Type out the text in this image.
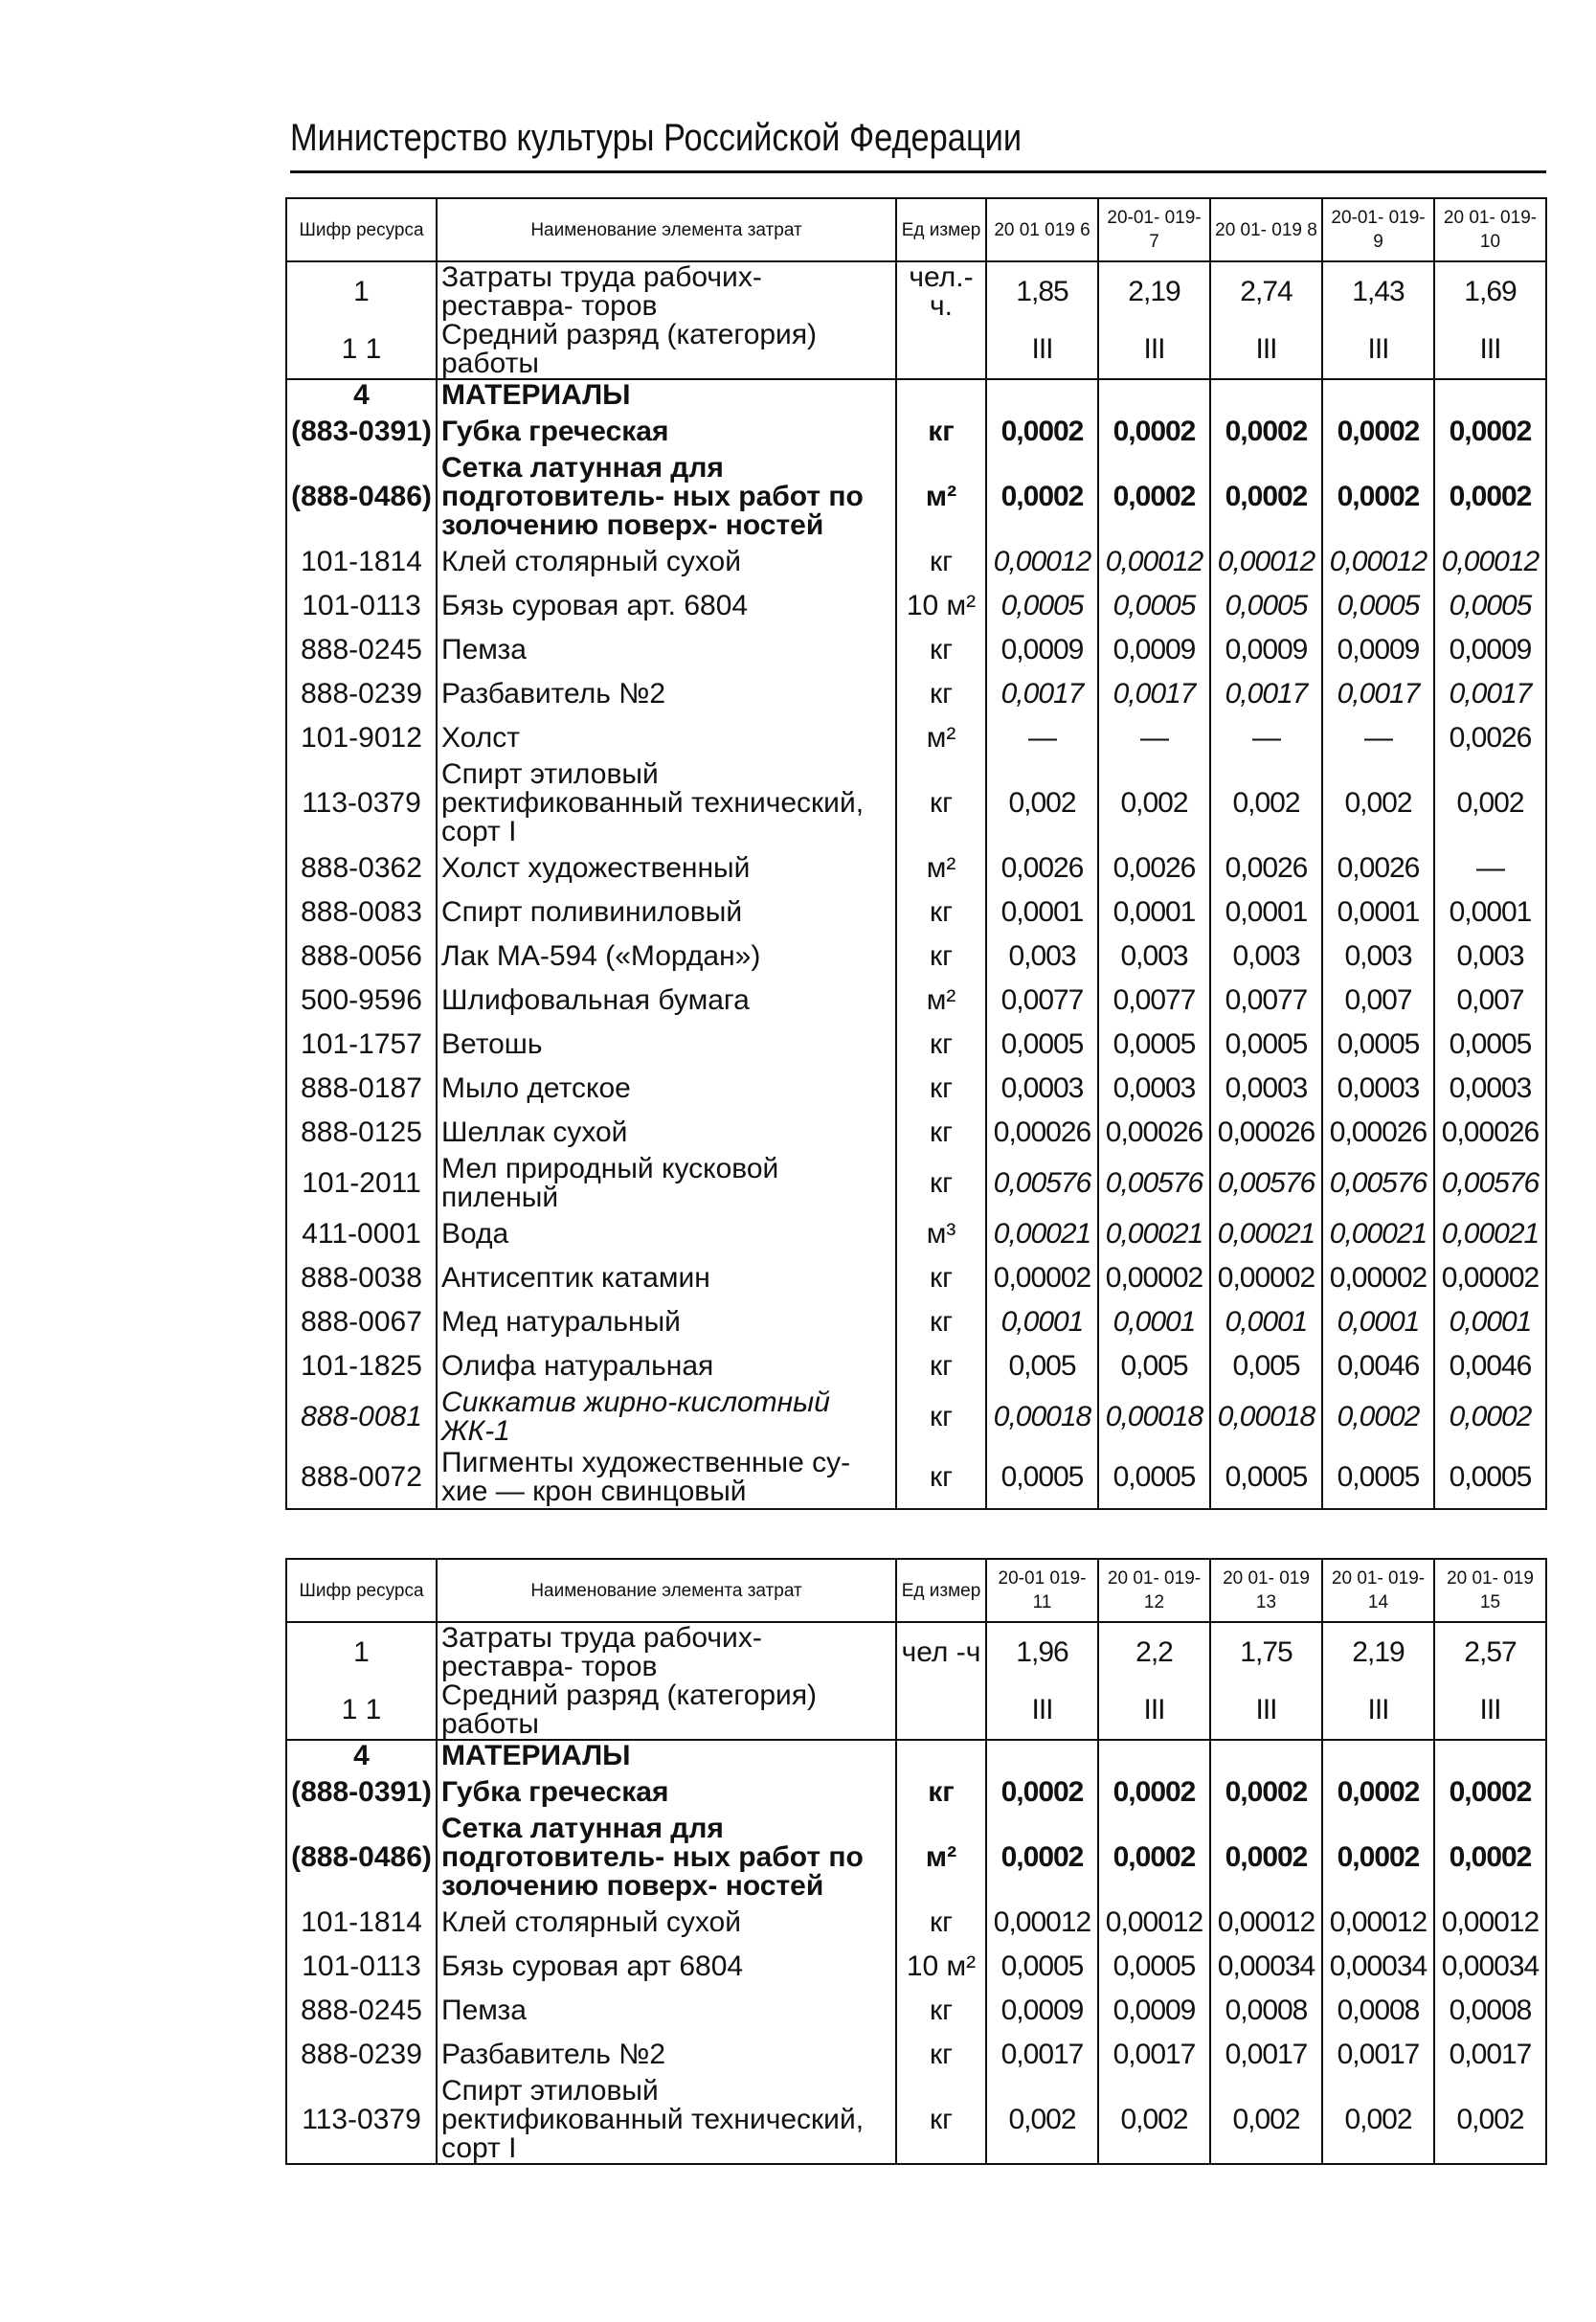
Министерство культуры Российской Федерации
Шифр ресурса	Наименование элемента затрат	Ед измер	20 01 019 6	20-01- 019-7	20 01- 019 8	20-01- 019-9	20 01- 019-10
1	Затраты труда рабочих-реставра- торов	чел.-ч.	1,85	2,19	2,74	1,43	1,69
1 1	Средний разряд (категория) работы		III	III	III	III	III
4	МАТЕРИАЛЫ						
(883-0391)	Губка греческая	кг	0,0002	0,0002	0,0002	0,0002	0,0002
(888-0486)	Сетка латунная для подготовитель- ных работ по золочению поверх- ностей	м²	0,0002	0,0002	0,0002	0,0002	0,0002
101-1814	Клей столярный сухой	кг	0,00012	0,00012	0,00012	0,00012	0,00012
101-0113	Бязь суровая арт. 6804	10 м²	0,0005	0,0005	0,0005	0,0005	0,0005
888-0245	Пемза	кг	0,0009	0,0009	0,0009	0,0009	0,0009
888-0239	Разбавитель №2	кг	0,0017	0,0017	0,0017	0,0017	0,0017
101-9012	Холст	м²	—	—	—	—	0,0026
113-0379	Спирт этиловый ректификованный технический, сорт I	кг	0,002	0,002	0,002	0,002	0,002
888-0362	Холст художественный	м²	0,0026	0,0026	0,0026	0,0026	—
888-0083	Спирт поливиниловый	кг	0,0001	0,0001	0,0001	0,0001	0,0001
888-0056	Лак МА-594 («Мордан»)	кг	0,003	0,003	0,003	0,003	0,003
500-9596	Шлифовальная бумага	м²	0,0077	0,0077	0,0077	0,007	0,007
101-1757	Ветошь	кг	0,0005	0,0005	0,0005	0,0005	0,0005
888-0187	Мыло детское	кг	0,0003	0,0003	0,0003	0,0003	0,0003
888-0125	Шеллак сухой	кг	0,00026	0,00026	0,00026	0,00026	0,00026
101-2011	Мел природный кусковой пиленый	кг	0,00576	0,00576	0,00576	0,00576	0,00576
411-0001	Вода	м³	0,00021	0,00021	0,00021	0,00021	0,00021
888-0038	Антисептик катамин	кг	0,00002	0,00002	0,00002	0,00002	0,00002
888-0067	Мед натуральный	кг	0,0001	0,0001	0,0001	0,0001	0,0001
101-1825	Олифа натуральная	кг	0,005	0,005	0,005	0,0046	0,0046
888-0081	Сиккатив жирно-кислотный ЖК-1	кг	0,00018	0,00018	0,00018	0,0002	0,0002
888-0072	Пигменты художественные су- хие — крон свинцовый	кг	0,0005	0,0005	0,0005	0,0005	0,0005
Шифр ресурса	Наименование элемента затрат	Ед измер	20-01 019-11	20 01- 019-12	20 01- 019 13	20 01- 019-14	20 01- 019 15
1	Затраты труда рабочих-реставра- торов	чел -ч	1,96	2,2	1,75	2,19	2,57
1 1	Средний разряд (категория) работы		III	III	III	III	III
4	МАТЕРИАЛЫ						
(888-0391)	Губка греческая	кг	0,0002	0,0002	0,0002	0,0002	0,0002
(888-0486)	Сетка латунная для подготовитель- ных работ по золочению поверх- ностей	м²	0,0002	0,0002	0,0002	0,0002	0,0002
101-1814	Клей столярный сухой	кг	0,00012	0,00012	0,00012	0,00012	0,00012
101-0113	Бязь суровая арт 6804	10 м²	0,0005	0,0005	0,00034	0,00034	0,00034
888-0245	Пемза	кг	0,0009	0,0009	0,0008	0,0008	0,0008
888-0239	Разбавитель №2	кг	0,0017	0,0017	0,0017	0,0017	0,0017
113-0379	Спирт этиловый ректификованный технический, сорт I	кг	0,002	0,002	0,002	0,002	0,002
